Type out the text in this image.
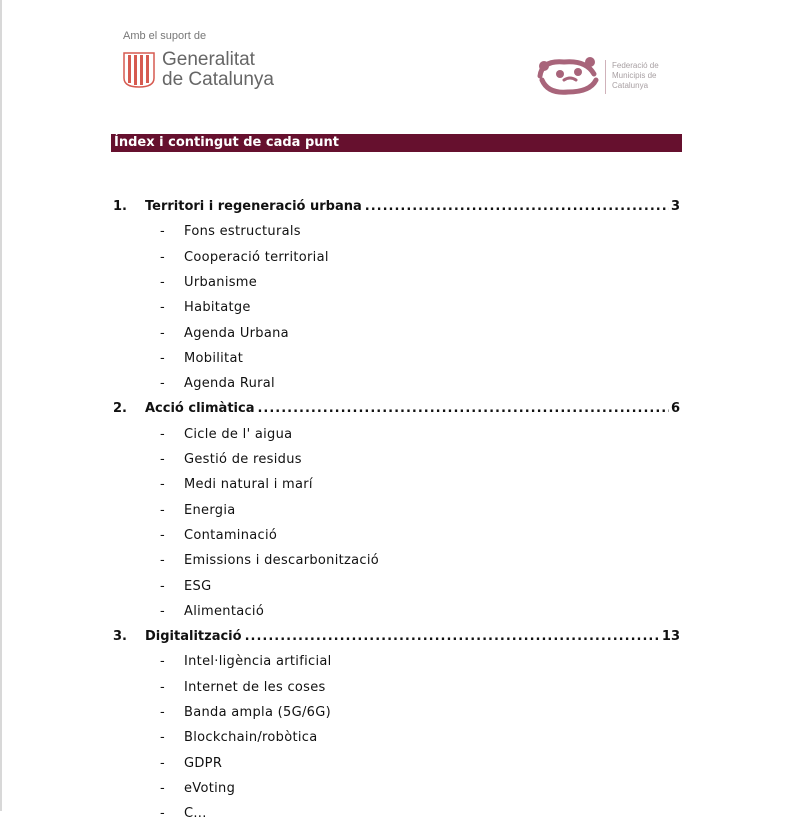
Amb el suport de
Generalitat
de Catalunya
Federació de
Municipis de
Catalunya
Índex i contingut de cada punt
1. Territori i regeneració urbana .....	3
- Fons estructurals
- Cooperació territorial
- Urbanisme
- Habitatge
- Agenda Urbana
- Mobilitat
- Agenda Rural
2. Acció climàtica .....	6
- Cicle de l' aigua
- Gestió de residus
- Medi natural i marí
- Energia
- Contaminació
- Emissions i descarbonització
- ESG
- Alimentació
3. Digitalització .....	13
- Intel·ligència artificial
- Internet de les coses
- Banda ampla (5G/6G)
- Blockchain/robòtica
- GDPR
- eVoting
- C...
